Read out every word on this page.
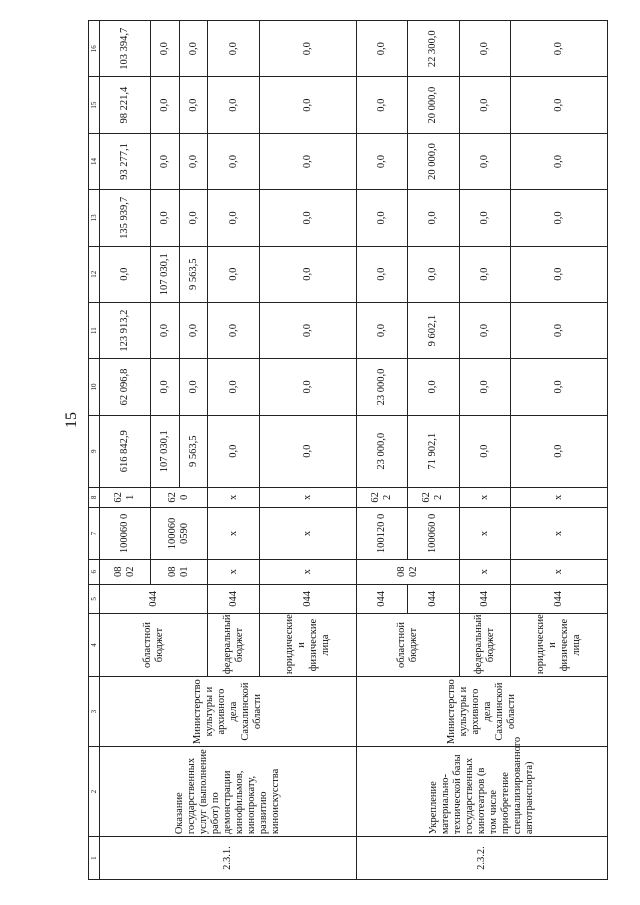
15
1	2	3	4	5	6	7	8	9	10	11	12	13	14	15	16
2.3.1.	Оказание государственных услуг (выполнение работ) по демонстрации кинофильмов, кинопрокату, развитию киноискусства	Министерство культуры и архивного дела Сахалинской области	областной бюджет	044	08 02	100060 0	62 1	616 842,9	62 096,8	123 913,2	0,0	135 939,7	93 277,1	98 221,4	103 394,7
					08 01	100060 0590	62 0	107 030,1	0,0	0,0	107 030,1	0,0	0,0	0,0	0,0
								9 563,5	0,0	0,0	9 563,5	0,0	0,0	0,0	0,0
			федеральный бюджет	044	x	x	x	0,0	0,0	0,0	0,0	0,0	0,0	0,0	0,0
			юридические и физические лица	044	x	x	x	0,0	0,0	0,0	0,0	0,0	0,0	0,0	0,0
2.3.2.	Укрепление материально-технической базы государственных кинотеатров (в том числе приобретение специализированного автотранспорта)	Министерство культуры и архивного дела Сахалинской области	областной бюджет	044	08 02	100120 0	62 2	23 000,0	23 000,0	0,0	0,0	0,0	0,0	0,0	0,0
				044		100060 0	62 2	71 902,1	0,0	9 602,1	0,0	0,0	20 000,0	20 000,0	22 300,0
			федеральный бюджет	044	x	x	x	0,0	0,0	0,0	0,0	0,0	0,0	0,0	0,0
			юридические и физические лица	044	x	x	x	0,0	0,0	0,0	0,0	0,0	0,0	0,0	0,0
